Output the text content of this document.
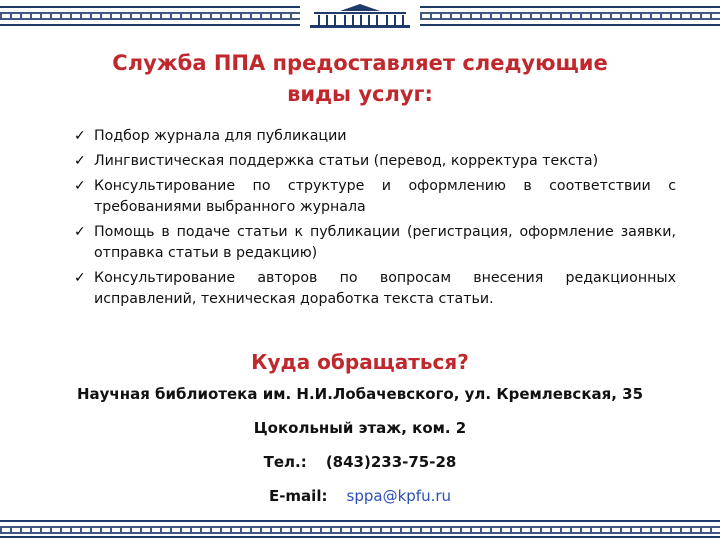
Служба ППА предоставляет следующие
виды услуг:
✓ Подбор журнала для публикации
✓ Лингвистическая поддержка статьи (перевод, корректура текста)
✓ Консультирование по структуре и оформлению в соответствии с требованиями выбранного журнала
✓ Помощь в подаче статьи к публикации (регистрация, оформление заявки, отправка статьи в редакцию)
✓ Консультирование авторов по вопросам внесения редакционных исправлений, техническая доработка текста статьи.
Куда обращаться?
Научная библиотека им. Н.И.Лобачевского, ул. Кремлевская, 35
Цокольный этаж, ком. 2
Тел.: (843)233-75-28
E-mail: sppa@kpfu.ru
